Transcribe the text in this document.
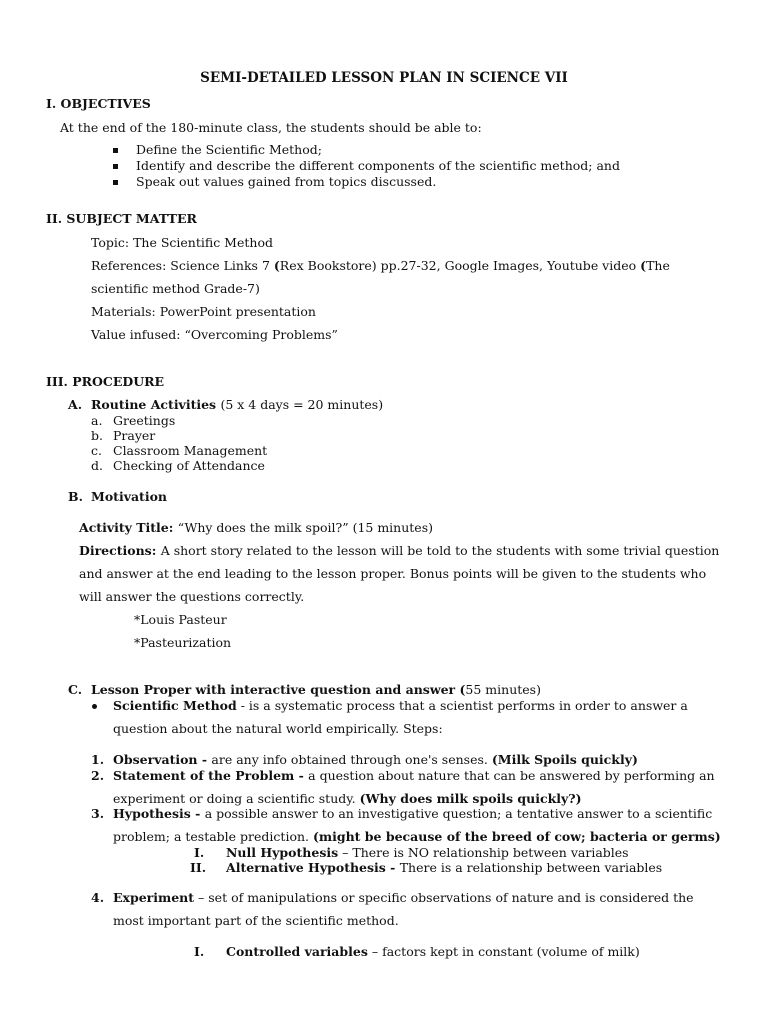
SEMI-DETAILED LESSON PLAN IN SCIENCE VII
I. OBJECTIVES
At the end of the 180-minute class, the students should be able to:
Define the Scientific Method;
Identify and describe the different components of the scientific method; and
Speak out values gained from topics discussed.
II. SUBJECT MATTER
Topic: The Scientific Method
References: Science Links 7 (Rex Bookstore) pp.27-32, Google Images, Youtube video (The
scientific method Grade-7)
Materials: PowerPoint presentation
Value infused: “Overcoming Problems”
III. PROCEDURE
A. Routine Activities (5 x 4 days = 20 minutes)
a. Greetings
b. Prayer
c. Classroom Management
d. Checking of Attendance
B. Motivation
Activity Title: “Why does the milk spoil?” (15 minutes)
Directions: A short story related to the lesson will be told to the students with some trivial question
and answer at the end leading to the lesson proper. Bonus points will be given to the students who
will answer the questions correctly.
*Louis Pasteur
*Pasteurization
C. Lesson Proper with interactive question and answer (55 minutes)
Scientific Method - is a systematic process that a scientist performs in order to answer a
question about the natural world empirically. Steps:
1. Observation - are any info obtained through one's senses. (Milk Spoils quickly)
2. Statement of the Problem - a question about nature that can be answered by performing an
experiment or doing a scientific study. (Why does milk spoils quickly?)
3. Hypothesis - a possible answer to an investigative question; a tentative answer to a scientific
problem; a testable prediction. (might be because of the breed of cow; bacteria or germs)
I. Null Hypothesis – There is NO relationship between variables
II. Alternative Hypothesis - There is a relationship between variables
4. Experiment – set of manipulations or specific observations of nature and is considered the
most important part of the scientific method.
I. Controlled variables – factors kept in constant (volume of milk)
